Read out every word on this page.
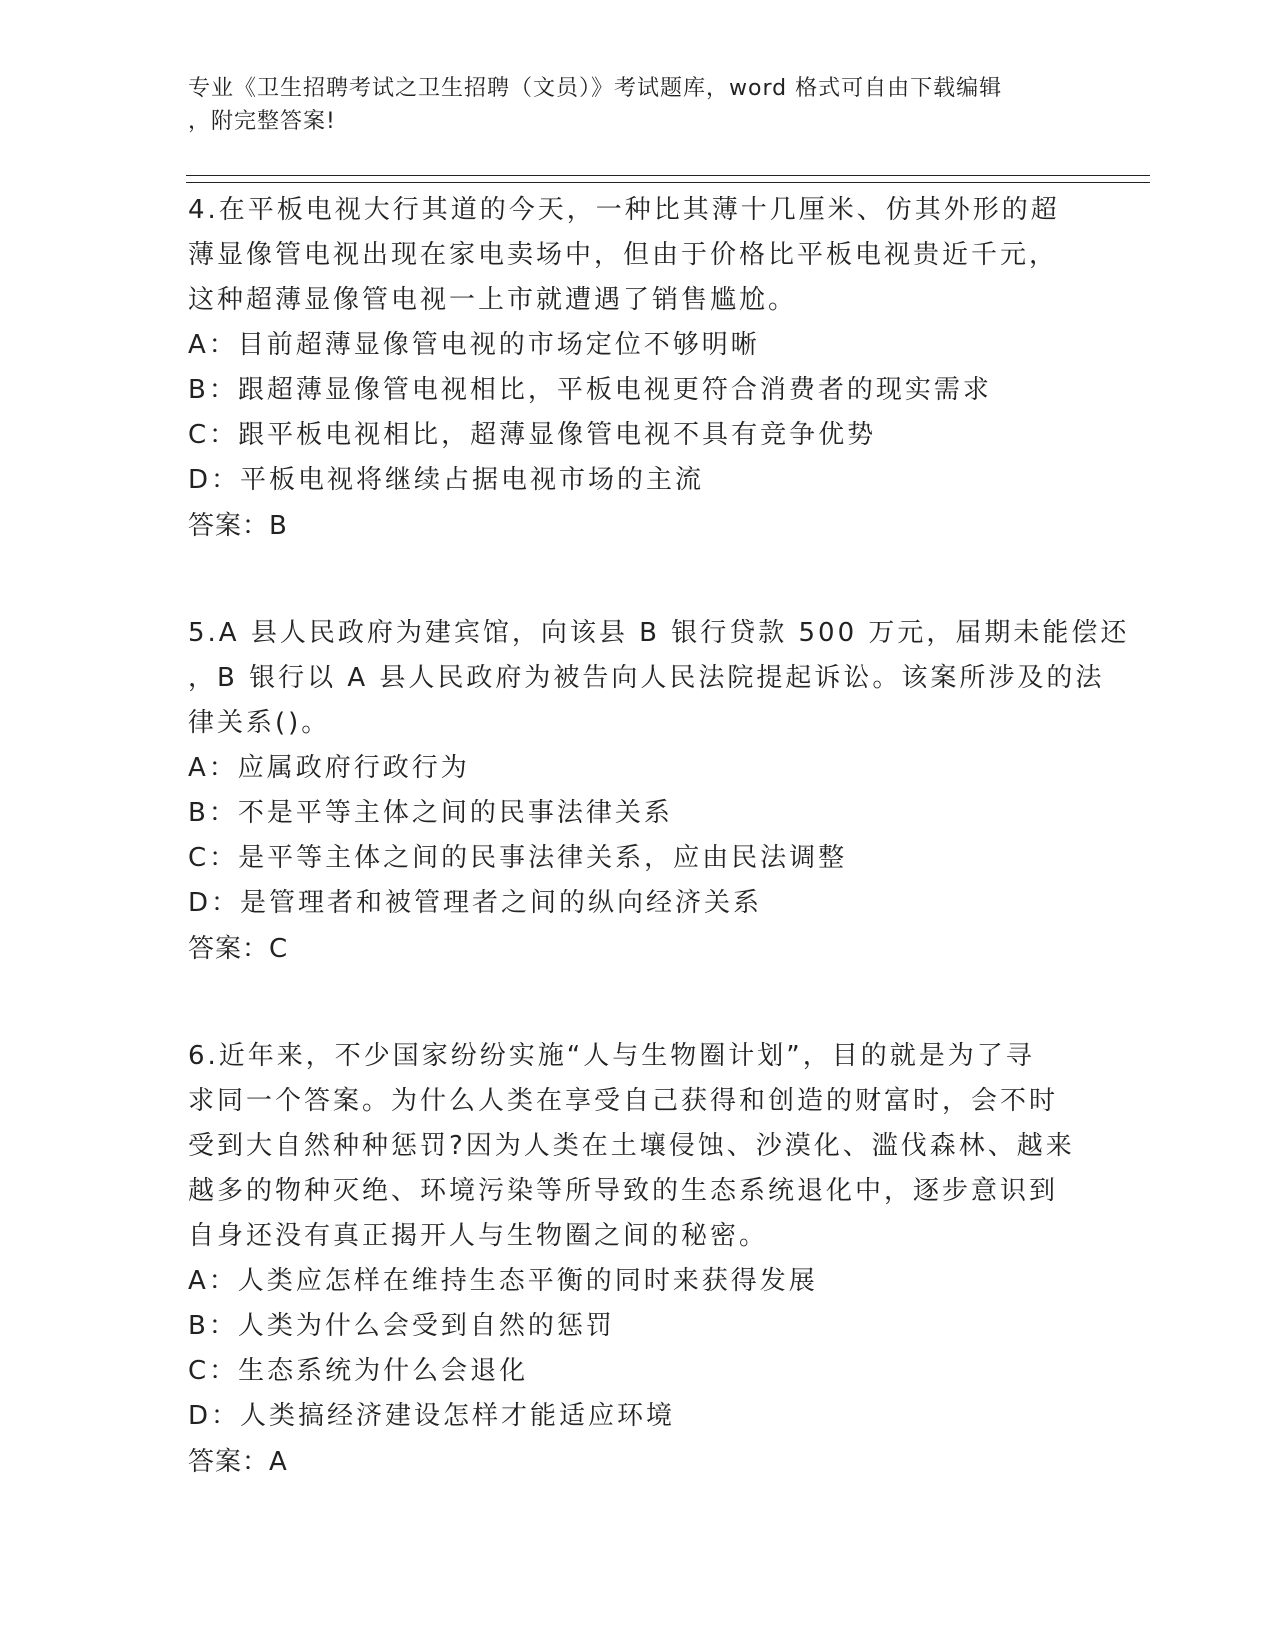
专业《卫生招聘考试之卫生招聘（文员）》考试题库，word 格式可自由下载编辑
，附完整答案!
4.在平板电视大行其道的今天，一种比其薄十几厘米、仿其外形的超
薄显像管电视出现在家电卖场中，但由于价格比平板电视贵近千元，
这种超薄显像管电视一上市就遭遇了销售尴尬。
A：目前超薄显像管电视的市场定位不够明晰
B：跟超薄显像管电视相比，平板电视更符合消费者的现实需求
C：跟平板电视相比，超薄显像管电视不具有竞争优势
D：平板电视将继续占据电视市场的主流
答案：B
5.A 县人民政府为建宾馆，向该县 B 银行贷款 500 万元，届期未能偿还
，B 银行以 A 县人民政府为被告向人民法院提起诉讼。该案所涉及的法
律关系()。
A：应属政府行政行为
B：不是平等主体之间的民事法律关系
C：是平等主体之间的民事法律关系，应由民法调整
D：是管理者和被管理者之间的纵向经济关系
答案：C
6.近年来，不少国家纷纷实施“人与生物圈计划”，目的就是为了寻
求同一个答案。为什么人类在享受自己获得和创造的财富时，会不时
受到大自然种种惩罚?因为人类在土壤侵蚀、沙漠化、滥伐森林、越来
越多的物种灭绝、环境污染等所导致的生态系统退化中，逐步意识到
自身还没有真正揭开人与生物圈之间的秘密。
A：人类应怎样在维持生态平衡的同时来获得发展
B：人类为什么会受到自然的惩罚
C：生态系统为什么会退化
D：人类搞经济建设怎样才能适应环境
答案：A
